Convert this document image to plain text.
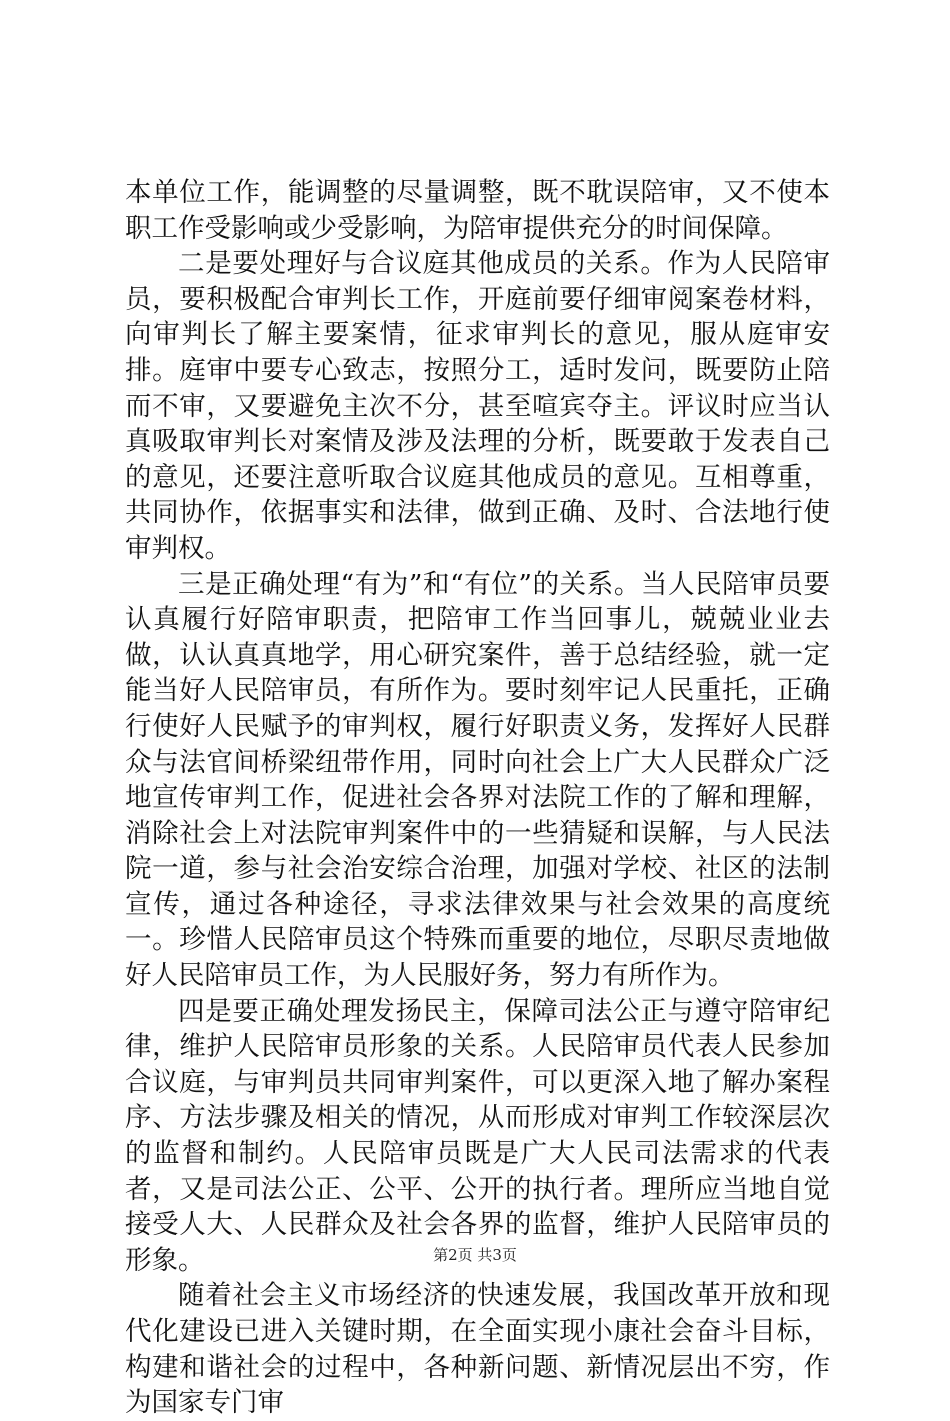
本单位工作，能调整的尽量调整，既不耽误陪审，又不使本职工作受影响或少受影响，为陪审提供充分的时间保障。

二是要处理好与合议庭其他成员的关系。作为人民陪审员，要积极配合审判长工作，开庭前要仔细审阅案卷材料，向审判长了解主要案情，征求审判长的意见，服从庭审安排。庭审中要专心致志，按照分工，适时发问，既要防止陪而不审，又要避免主次不分，甚至喧宾夺主。评议时应当认真吸取审判长对案情及涉及法理的分析，既要敢于发表自己的意见，还要注意听取合议庭其他成员的意见。互相尊重，共同协作，依据事实和法律，做到正确、及时、合法地行使审判权。

三是正确处理“有为”和“有位”的关系。当人民陪审员要认真履行好陪审职责，把陪审工作当回事儿，兢兢业业去做，认认真真地学，用心研究案件，善于总结经验，就一定能当好人民陪审员，有所作为。要时刻牢记人民重托，正确行使好人民赋予的审判权，履行好职责义务，发挥好人民群众与法官间桥梁纽带作用，同时向社会上广大人民群众广泛地宣传审判工作，促进社会各界对法院工作的了解和理解，消除社会上对法院审判案件中的一些猜疑和误解，与人民法院一道，参与社会治安综合治理，加强对学校、社区的法制宣传，通过各种途径，寻求法律效果与社会效果的高度统一。珍惜人民陪审员这个特殊而重要的地位，尽职尽责地做好人民陪审员工作，为人民服好务，努力有所作为。

四是要正确处理发扬民主，保障司法公正与遵守陪审纪律，维护人民陪审员形象的关系。人民陪审员代表人民参加合议庭，与审判员共同审判案件，可以更深入地了解办案程序、方法步骤及相关的情况，从而形成对审判工作较深层次的监督和制约。人民陪审员既是广大人民司法需求的代表者，又是司法公正、公平、公开的执行者。理所应当地自觉接受人大、人民群众及社会各界的监督，维护人民陪审员的形象。

随着社会主义市场经济的快速发展，我国改革开放和现代化建设已进入关键时期，在全面实现小康社会奋斗目标，构建和谐社会的过程中，各种新问题、新情况层出不穷，作为国家专门审

第2页 共3页
